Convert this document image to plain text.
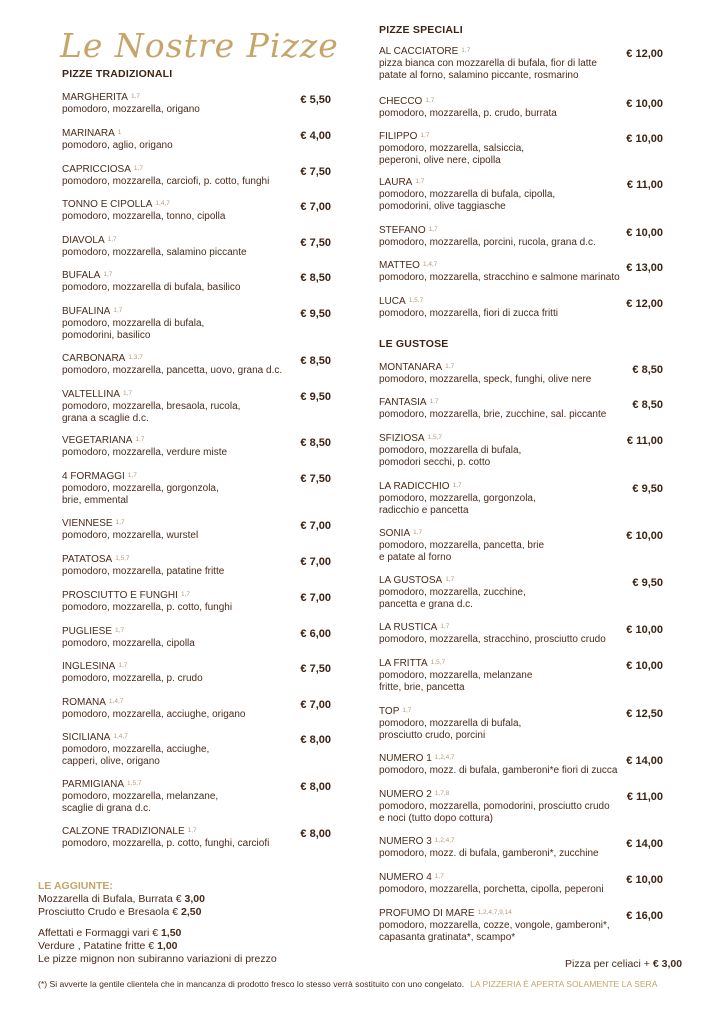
Le Nostre Pizze
PIZZE TRADIZIONALI
MARGHERITA $^{1,7}$
pomodoro, mozzarella, origano
€ 5,50
MARINARA $^1$
pomodoro, aglio, origano
€ 4,00
CAPRICCIOSA $^{1,7}$
pomodoro, mozzarella, carciofi, p. cotto, funghi
€ 7,50
TONNO E CIPOLLA $^{1,4,7}$
pomodoro, mozzarella, tonno, cipolla
€ 7,00
DIAVOLA $^{1,7}$
pomodoro, mozzarella, salamino piccante
€ 7,50
BUFALA $^{1,7}$
pomodoro, mozzarella di bufala, basilico
€ 8,50
BUFALINA $^{1,7}$
pomodoro, mozzarella di bufala,
pomodorini, basilico
€ 9,50
CARBONARA $^{1,3,7}$
pomodoro, mozzarella, pancetta, uovo, grana d.c.
€ 8,50
VALTELLINA $^{1,7}$
pomodoro, mozzarella, bresaola, rucola,
grana a scaglie d.c.
€ 9,50
VEGETARIANA $^{1,7}$
pomodoro, mozzarella, verdure miste
€ 8,50
4 FORMAGGI $^{1,7}$
pomodoro, mozzarella, gorgonzola,
brie, emmental
€ 7,50
VIENNESE $^{1,7}$
pomodoro, mozzarella, wurstel
€ 7,00
PATATOSA $^{1,5,7}$
pomodoro, mozzarella, patatine fritte
€ 7,00
PROSCIUTTO E FUNGHI $^{1,7}$
pomodoro, mozzarella, p. cotto, funghi
€ 7,00
PUGLIESE $^{1,7}$
pomodoro, mozzarella, cipolla
€ 6,00
INGLESINA $^{1,7}$
pomodoro, mozzarella, p. crudo
€ 7,50
ROMANA $^{1,4,7}$
pomodoro, mozzarella, acciughe, origano
€ 7,00
SICILIANA $^{1,4,7}$
pomodoro, mozzarella, acciughe,
capperi, olive, origano
€ 8,00
PARMIGIANA $^{1,5,7}$
pomodoro, mozzarella, melanzane,
scaglie di grana d.c.
€ 8,00
CALZONE TRADIZIONALE $^{1,7}$
pomodoro, mozzarella, p. cotto, funghi, carciofi
€ 8,00
PIZZE SPECIALI
AL CACCIATORE $^{1,7}$
pizza bianca con mozzarella di bufala, fior di latte
patate al forno, salamino piccante, rosmarino
€ 12,00
CHECCO $^{1,7}$
pomodoro, mozzarella, p. crudo, burrata
€ 10,00
FILIPPO $^{1,7}$
pomodoro, mozzarella, salsiccia,
peperoni, olive nere, cipolla
€ 10,00
LAURA $^{1,7}$
pomodoro, mozzarella di bufala, cipolla,
pomodorini, olive taggiasche
€ 11,00
STEFANO $^{1,7}$
pomodoro, mozzarella, porcini, rucola, grana d.c.
€ 10,00
MATTEO $^{1,4,7}$
pomodoro, mozzarella, stracchino e salmone marinato
€ 13,00
LUCA $^{1,5,7}$
pomodoro, mozzarella, fiori di zucca fritti
€ 12,00
LE GUSTOSE
MONTANARA $^{1,7}$
pomodoro, mozzarella, speck, funghi, olive nere
€ 8,50
FANTASIA $^{1,7}$
pomodoro, mozzarella, brie, zucchine, sal. piccante
€ 8,50
SFIZIOSA $^{1,5,7}$
pomodoro, mozzarella di bufala,
pomodori secchi, p. cotto
€ 11,00
LA RADICCHIO $^{1,7}$
pomodoro, mozzarella, gorgonzola,
radicchio e pancetta
€ 9,50
SONIA $^{1,7}$
pomodoro, mozzarella, pancetta, brie
e patate al forno
€ 10,00
LA GUSTOSA $^{1,7}$
pomodoro, mozzarella, zucchine,
pancetta e grana d.c.
€ 9,50
LA RUSTICA $^{1,7}$
pomodoro, mozzarella, stracchino, prosciutto crudo
€ 10,00
LA FRITTA $^{1,5,7}$
pomodoro, mozzarella, melanzane
fritte, brie, pancetta
€ 10,00
TOP $^{1,7}$
pomodoro, mozzarella di bufala,
prosciutto crudo, porcini
€ 12,50
NUMERO 1 $^{1,2,4,7}$
pomodoro, mozz. di bufala, gamberoni*e fiori di zucca
€ 14,00
NUMERO 2 $^{1,7,8}$
pomodoro, mozzarella, pomodorini, prosciutto crudo
e noci (tutto dopo cottura)
€ 11,00
NUMERO 3 $^{1,2,4,7}$
pomodoro, mozz. di bufala, gamberoni*, zucchine
€ 14,00
NUMERO 4 $^{1,7}$
pomodoro, mozzarella, porchetta, cipolla, peperoni
€ 10,00
PROFUMO DI MARE $^{1,2,4,7,9,14}$
pomodoro, mozzarella, cozze, vongole, gamberoni*,
capasanta gratinata*, scampo*
€ 16,00
LE AGGIUNTE:
Mozzarella di Bufala, Burrata € 3,00
Prosciutto Crudo e Bresaola € 2,50
Affettati e Formaggi vari € 1,50
Verdure , Patatine fritte € 1,00
Le pizze mignon non subiranno variazioni di prezzo	Pizza per celiaci + € 3,00
(*) Si avverte la gentile clientela che in mancanza di prodotto fresco lo stesso verrà sostituito con uno congelato. LA PIZZERIA È APERTA SOLAMENTE LA SERA
